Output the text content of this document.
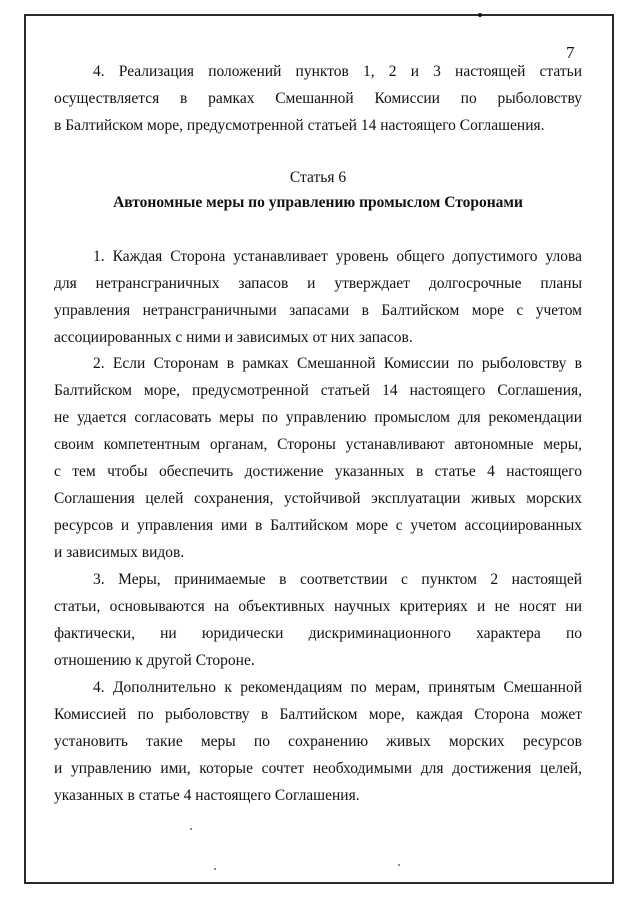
7
4. Реализация положений пунктов 1, 2 и 3 настоящей статьи
осуществляется в рамках Смешанной Комиссии по рыболовству
в Балтийском море, предусмотренной статьей 14 настоящего Соглашения.
Статья 6
Автономные меры по управлению промыслом Сторонами
1. Каждая Сторона устанавливает уровень общего допустимого улова
для нетрансграничных запасов и утверждает долгосрочные планы
управления нетрансграничными запасами в Балтийском море с учетом
ассоциированных с ними и зависимых от них запасов.
2. Если Сторонам в рамках Смешанной Комиссии по рыболовству в
Балтийском море, предусмотренной статьей 14 настоящего Соглашения,
не удается согласовать меры по управлению промыслом для рекомендации
своим компетентным органам, Стороны устанавливают автономные меры,
с тем чтобы обеспечить достижение указанных в статье 4 настоящего
Соглашения целей сохранения, устойчивой эксплуатации живых морских
ресурсов и управления ими в Балтийском море с учетом ассоциированных
и зависимых видов.
3. Меры, принимаемые в соответствии с пунктом 2 настоящей
статьи, основываются на объективных научных критериях и не носят ни
фактически, ни юридически дискриминационного характера по
отношению к другой Стороне.
4. Дополнительно к рекомендациям по мерам, принятым Смешанной
Комиссией по рыболовству в Балтийском море, каждая Сторона может
установить такие меры по сохранению живых морских ресурсов
и управлению ими, которые сочтет необходимыми для достижения целей,
указанных в статье 4 настоящего Соглашения.
